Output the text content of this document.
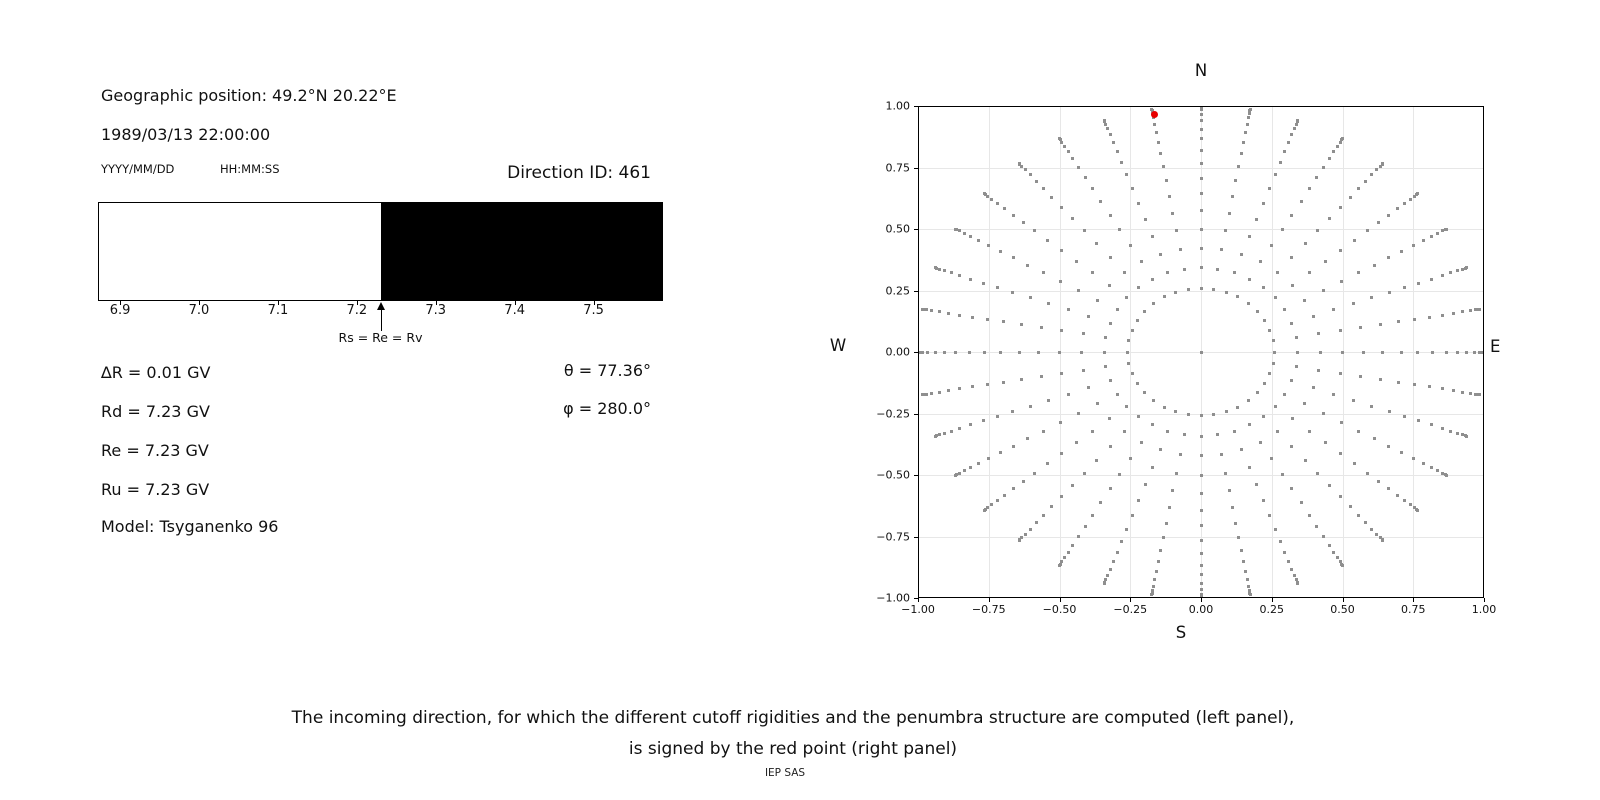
Geographic position: 49.2°N 20.22°E
1989/03/13 22:00:00
YYYY/MM/DD	HH:MM:SS	Direction ID: 461
6.9	7.0	7.1	7.2	7.3	7.4	7.5
Rs = Re = Rv
∆R = 0.01 GV
Rd = 7.23 GV
Re = 7.23 GV
Ru = 7.23 GV
Model: Tsyganenko 96
θ = 77.36°
φ = 280.0°
−1.00	−0.75	−0.50	−0.25	0.00	0.25	0.50	0.75	1.00
1.00
0.75
0.50
0.25
0.00
−0.25
−0.50
−0.75
−1.00
N
S
W	E
The incoming direction, for which the different cutoff rigidities and the penumbra structure are computed (left panel),
is signed by the red point (right panel)
IEP SAS
